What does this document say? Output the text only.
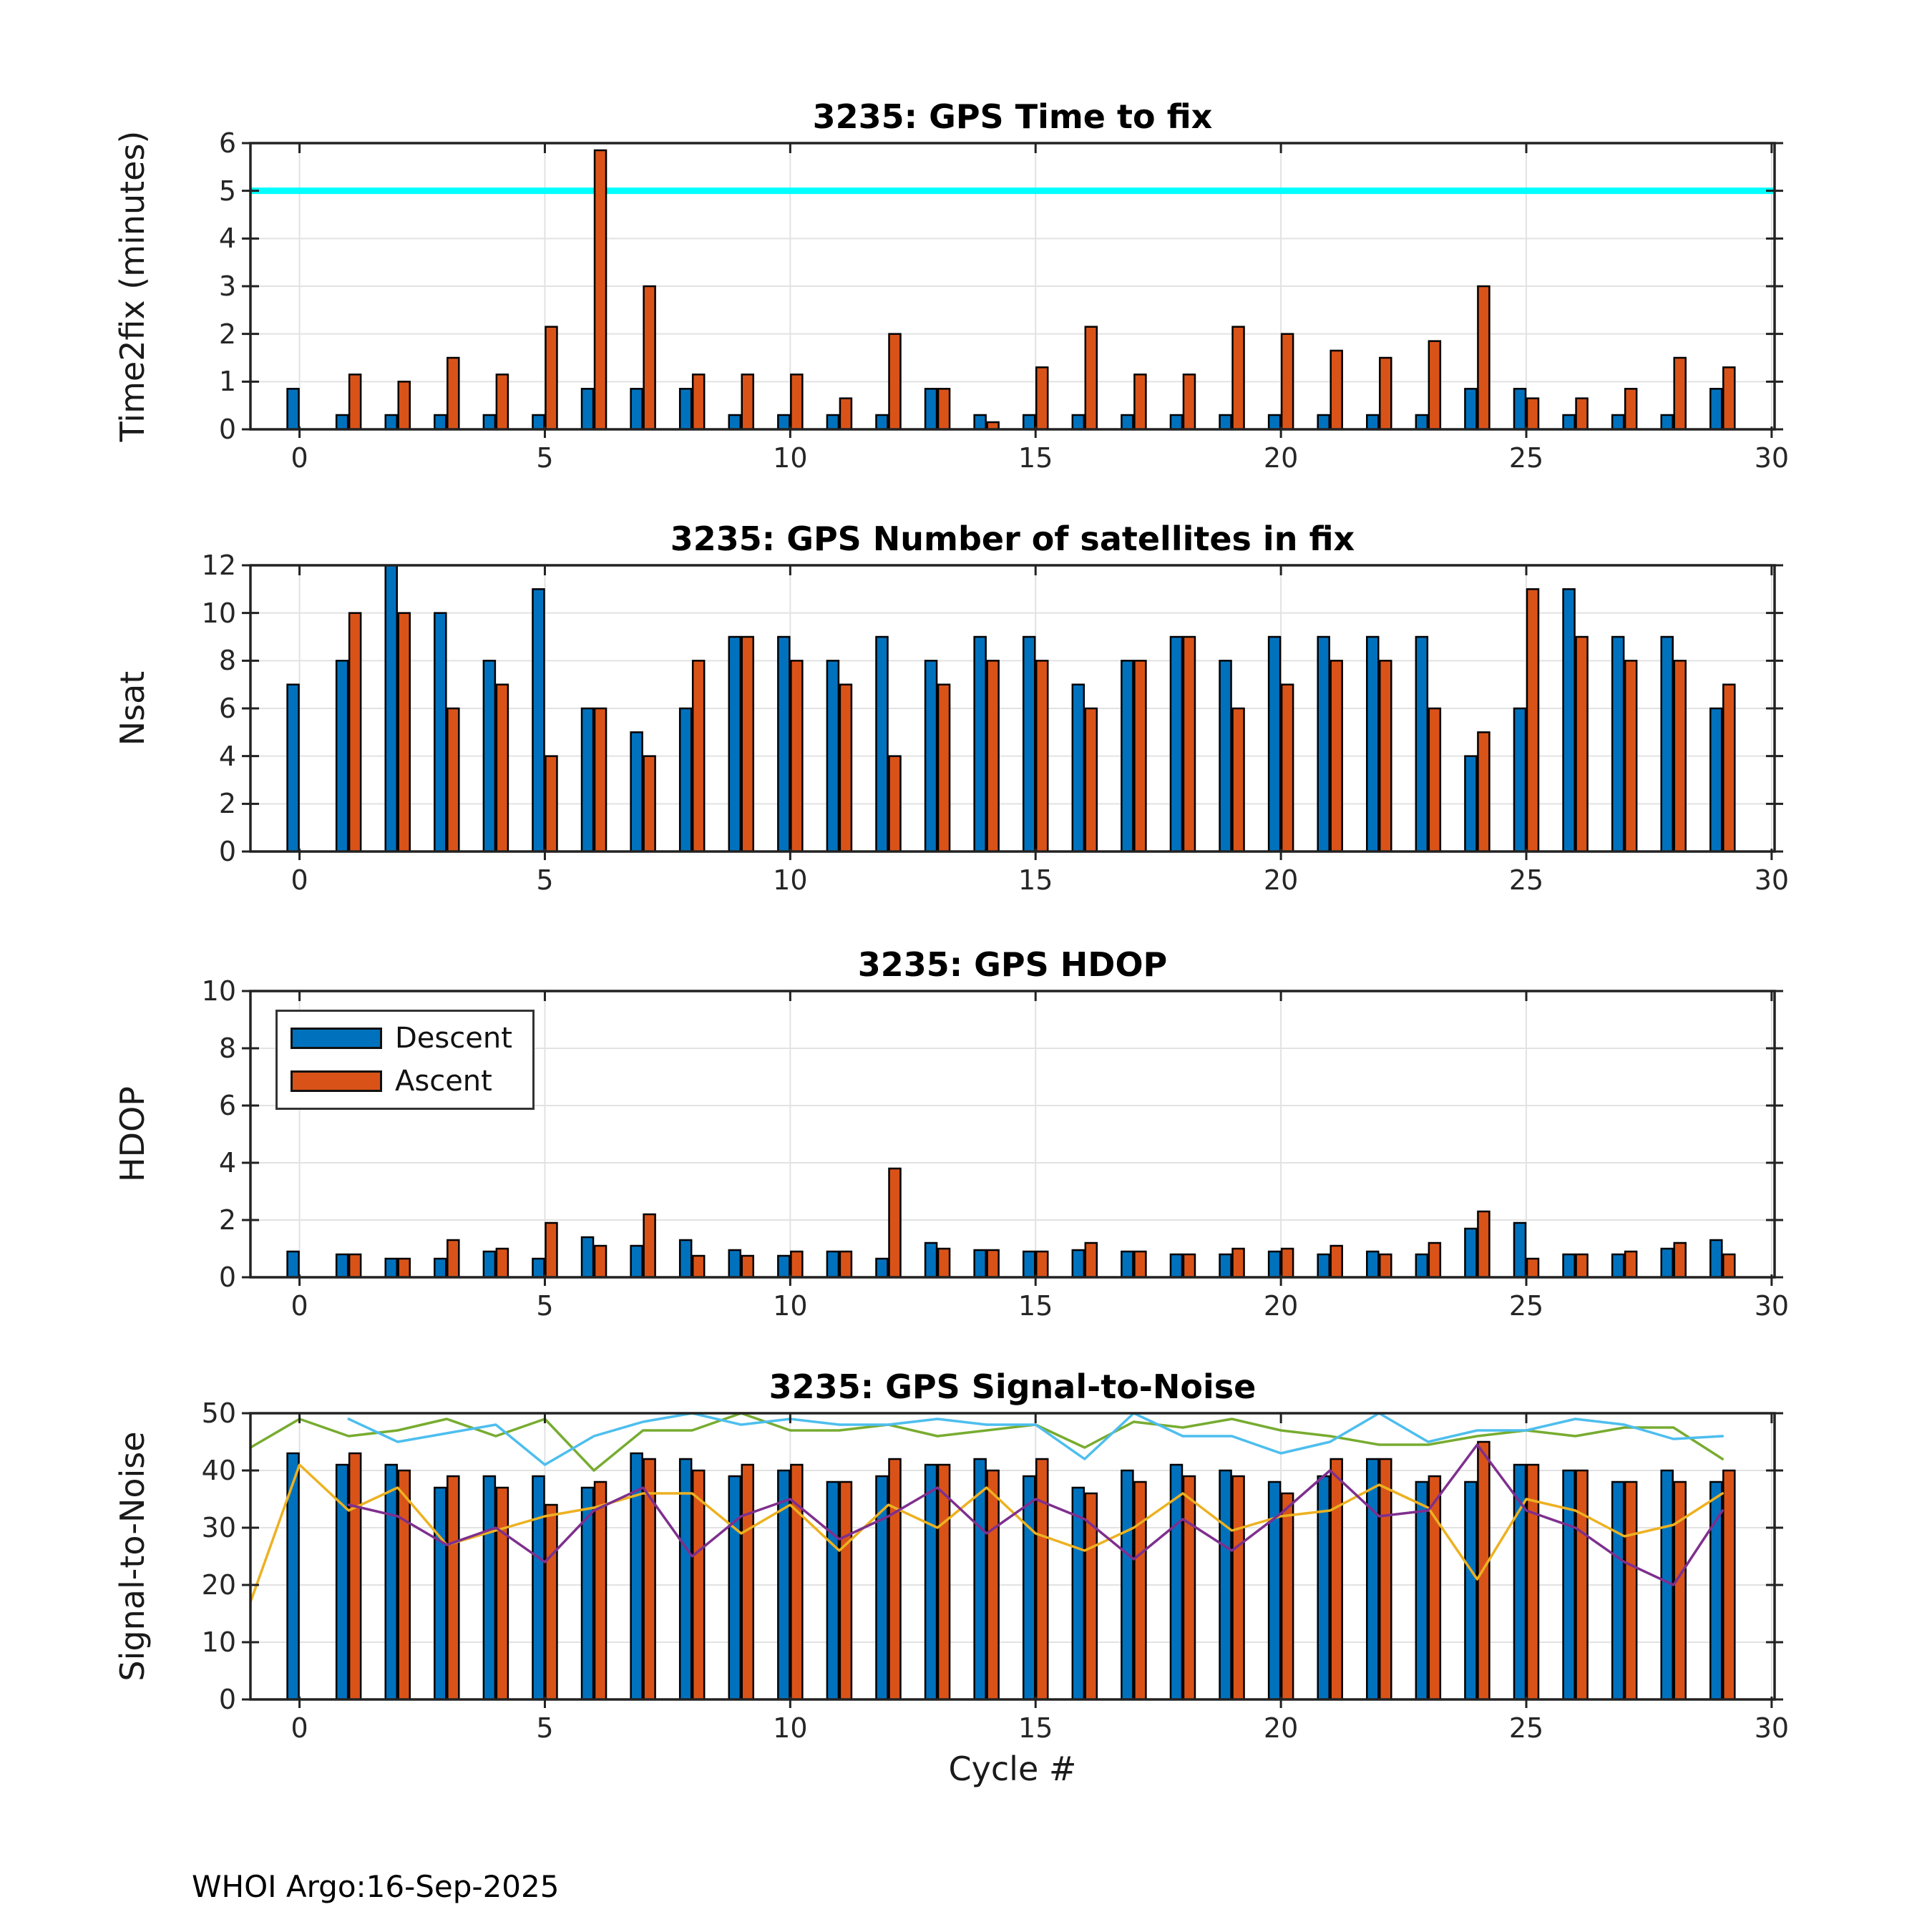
3235: GPS Time to fix
Time2fix (minutes)	0
1
2
3
4
5
6
0	5	10	15	20	25	30
3235: GPS Number of satellites in fix
Nsat
0
2
4
6
8
10
12
0	5	10	15	20	25	30
3235: GPS HDOP
HDOP
Descent
Ascent
0
2
4
6
8
10
0	5	10	15	20	25	30
3235: GPS Signal-to-Noise
Signal-to-Noise
Cycle #
0
10
20
30
40
50
0	5	10	15	20	25	30
WHOI Argo:16-Sep-2025
